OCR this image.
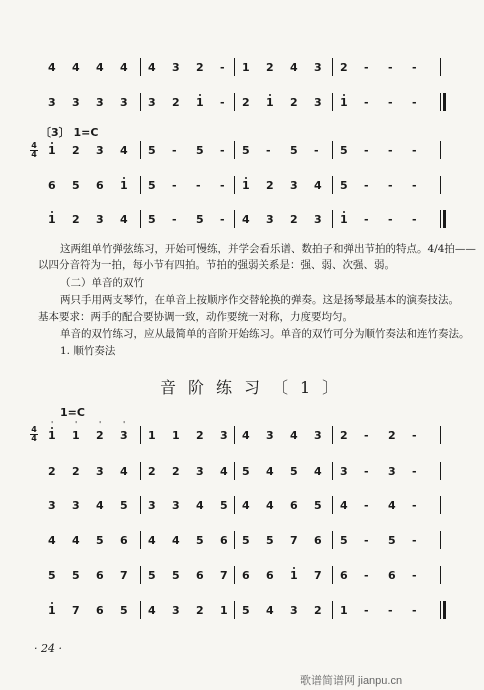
4 4 4 4 4 3 2 - 1 2 4 3 2 - - -
3 3 3 3 3 2 1 - 2 1 2 3 1 - - -
〔3〕 1=C
$\frac{4}{4} 1$ 2 3 4 5 - 5 - 5 - 5 - 5 - - -
6 5 6 1 5 - - - 1 2 3 4 5 - - -
1 2 3 4 5 - 5 - 4 3 2 3 1 - - -
这两组单竹弹弦练习，开始可慢练，并学会看乐谱、数拍子和弹出节拍的特点。4/4拍——
以四分音符为一拍，每小节有四拍。节拍的强弱关系是：强、弱、次强、弱。
（二）单音的双竹
两只手用两支琴竹，在单音上按顺序作交替轮换的弹奏。这是扬琴最基本的演奏技法。
基本要求：两手的配合要协调一致，动作要统一对称，力度要均匀。
单音的双竹练习，应从最简单的音阶开始练习。单音的双竹可分为顺竹奏法和连竹奏法。
1. 顺竹奏法
音阶练习〔1〕
1=C
$\frac{4}{4} 1$ 1 2 3 1 1 2 3 4 3 4 3 2 - 2 -
2 2 3 4 2 2 3 4 5 4 5 4 3 - 3 -
3 3 4 5 3 3 4 5 4 4 6 5 4 - 4 -
4 4 5 6 4 4 5 6 5 5 7 6 5 - 5 -
5 5 6 7 5 5 6 7 6 6 1 7 6 - 6 -
1 7 6 5 4 3 2 1 5 4 3 2 1 - - -
'	'	'	'
· 24 ·
歌谱简谱网 jianpu.cn
